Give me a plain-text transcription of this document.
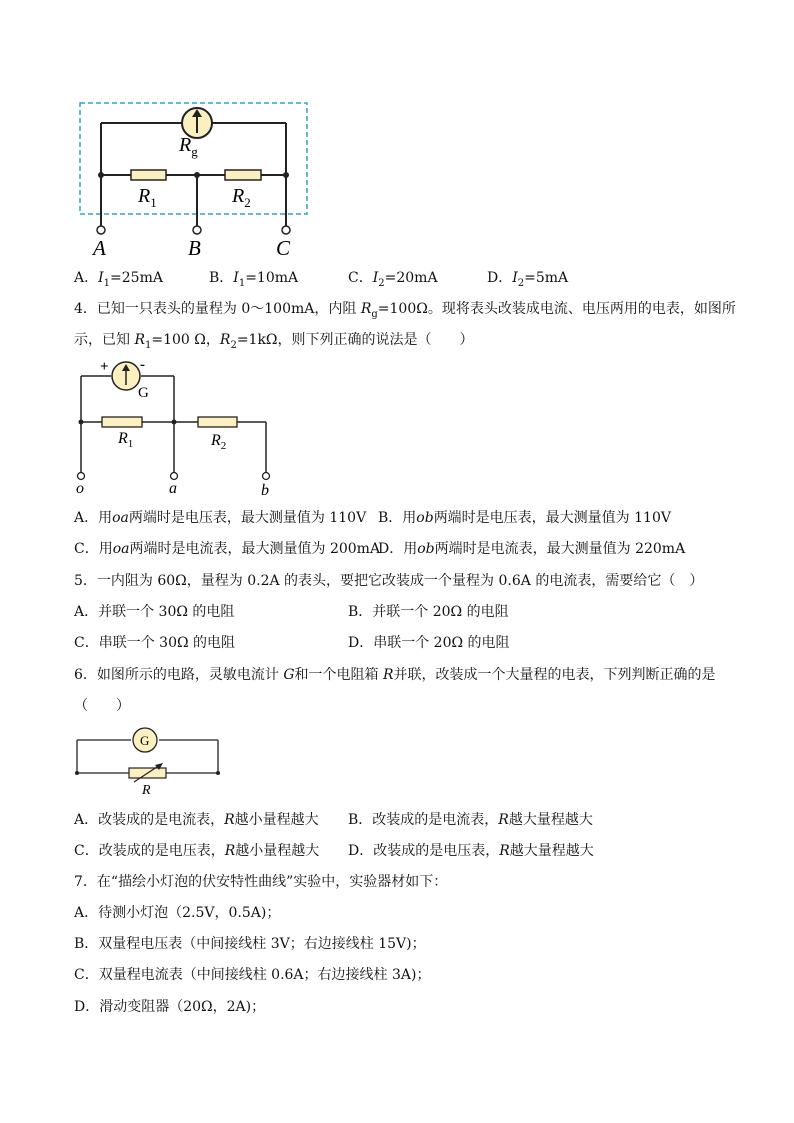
$R_g$
$R_1$	$R_2$
A	B	C
A．$I_1=25mA$	B．$I_1=10mA$	C．$I_2=20mA$	D．$I_2=5mA$
4．已知一只表头的量程为 0～100mA，内阻 $R_g=100\Omega$。现将表头改装成电流、电压两用的电表，如图所
示，已知 $R_1=100$ Ω，$R_2=1k\Omega$，则下列正确的说法是（　　）
+ -
G
$R_1$	$R_2$
o	a	b
A．用oa两端时是电压表，最大测量值为 110V B．用ob两端时是电压表，最大测量值为 110V
C．用oa两端时是电流表，最大测量值为 200mA
D．用ob两端时是电流表，最大测量值为 220mA
5．一内阻为 60Ω，量程为 0.2A 的表头，要把它改装成一个量程为 0.6A 的电流表，需要给它（　）
A．并联一个 30Ω 的电阻	B．并联一个 20Ω 的电阻
C．串联一个 30Ω 的电阻	D．串联一个 20Ω 的电阻
6．如图所示的电路，灵敏电流计 G和一个电阻箱 R并联，改装成一个大量程的电表，下列判断正确的是
（　　）
G
R
A．改装成的是电流表，R越小量程越大 B．改装成的是电流表，R越大量程越大
C．改装成的是电压表，R越小量程越大 D．改装成的是电压表，R越大量程越大
7．在“描绘小灯泡的伏安特性曲线”实验中，实验器材如下：
A．待测小灯泡（2.5V，0.5A)；
B．双量程电压表（中间接线柱 3V；右边接线柱 15V)；
C．双量程电流表（中间接线柱 0.6A；右边接线柱 3A)；
D．滑动变阻器（20Ω，2A)；
